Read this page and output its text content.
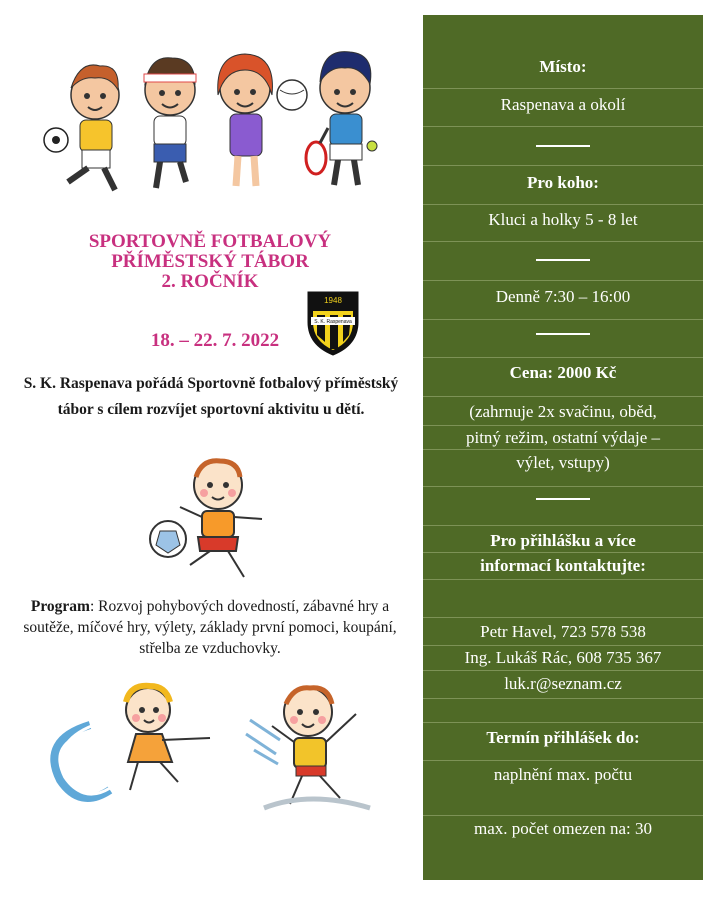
SPORTOVNĚ FOTBALOVÝ
PŘÍMĚSTSKÝ TÁBOR
2. ROČNÍK
1948
S. K. Raspenava
18. – 22. 7. 2022
S. K. Raspenava pořádá Sportovně fotbalový příměstský tábor s cílem rozvíjet sportovní aktivitu u dětí.
Program: Rozvoj pohybových dovedností, zábavné hry a soutěže, míčové hry, výlety, základy první pomoci, koupání, střelba ze vzduchovky.
Místo:
Raspenava a okolí
Pro koho:
Kluci a holky 5 - 8 let
Denně 7:30 – 16:00
Cena: 2000 Kč
(zahrnuje 2x svačinu, oběd,
pitný režim, ostatní výdaje –
výlet, vstupy)
Pro přihlášku a více
informací kontaktujte:
Petr Havel, 723 578 538
Ing. Lukáš Rác, 608 735 367
luk.r@seznam.cz
Termín přihlášek do:
naplnění max. počtu
max. počet omezen na: 30
